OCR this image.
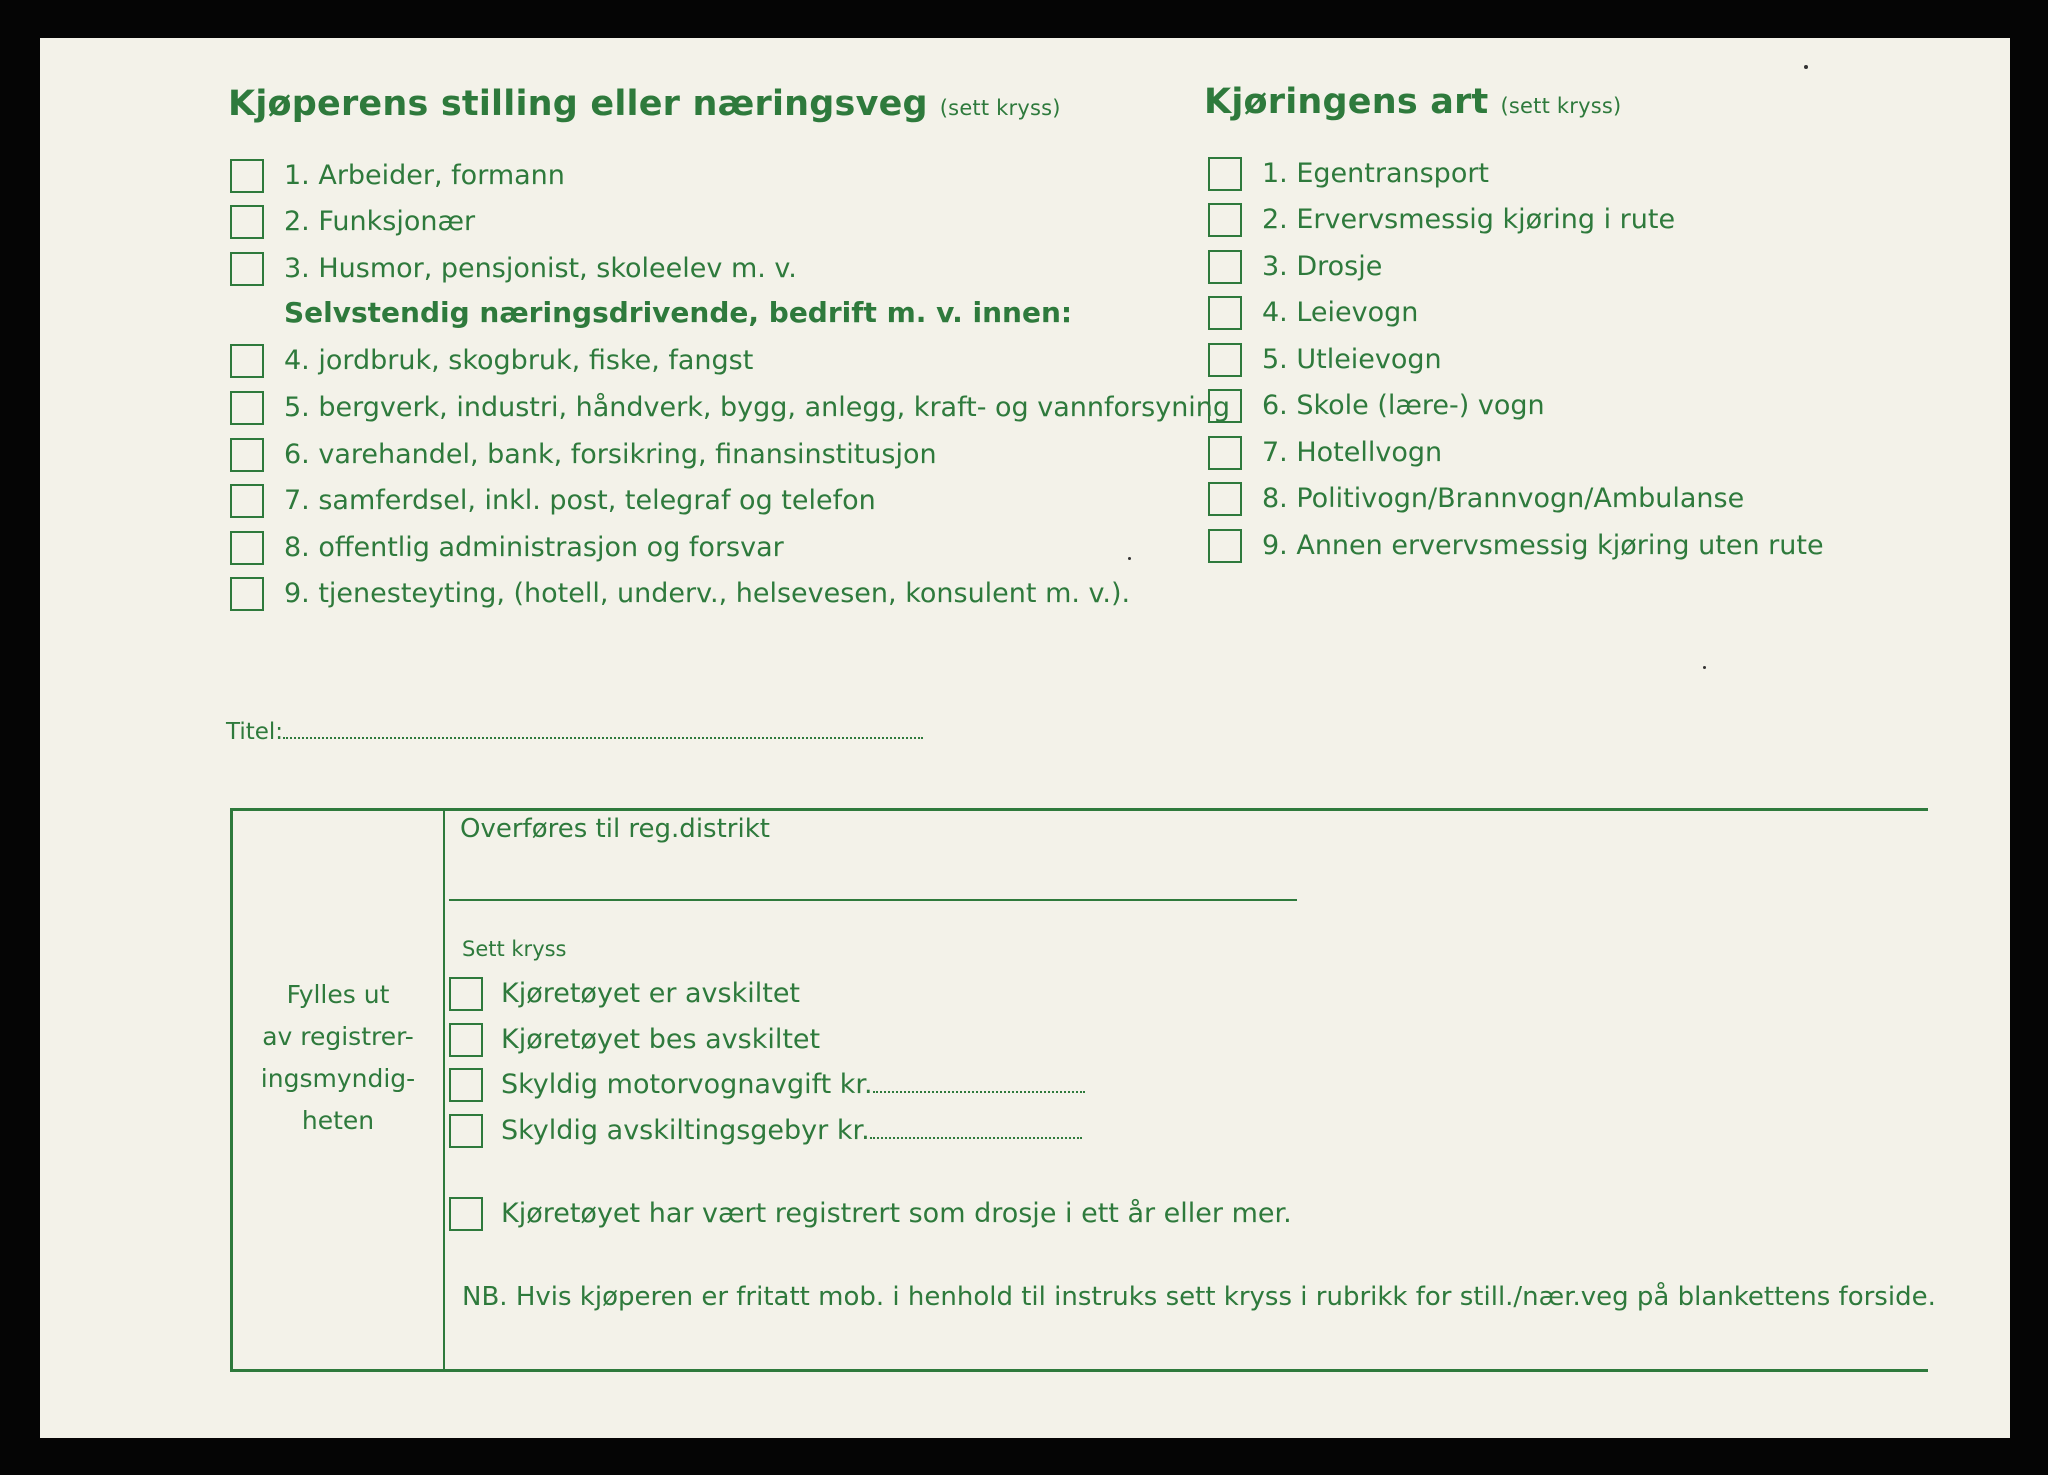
Kjøperens stilling eller næringsveg (sett kryss)
1. Arbeider, formann
2. Funksjonær
3. Husmor, pensjonist, skoleelev m. v.
Selvstendig næringsdrivende, bedrift m. v. innen:
4. jordbruk, skogbruk, fiske, fangst
5. bergverk, industri, håndverk, bygg, anlegg, kraft- og vannforsyning
6. varehandel, bank, forsikring, finansinstitusjon
7. samferdsel, inkl. post, telegraf og telefon
8. offentlig administrasjon og forsvar
9. tjenesteyting, (hotell, underv., helsevesen, konsulent m. v.).
Kjøringens art (sett kryss)
1. Egentransport
2. Ervervsmessig kjøring i rute
3. Drosje
4. Leievogn
5. Utleievogn
6. Skole (lære-) vogn
7. Hotellvogn
8. Politivogn/Brannvogn/Ambulanse
9. Annen ervervsmessig kjøring uten rute
Titel:
Fylles ut
av registrer-
ingsmyndig-
heten
Overføres til reg.distrikt
Sett kryss
Kjøretøyet er avskiltet
Kjøretøyet bes avskiltet
Skyldig motorvognavgift kr.
Skyldig avskiltingsgebyr kr.
Kjøretøyet har vært registrert som drosje i ett år eller mer.
NB. Hvis kjøperen er fritatt mob. i henhold til instruks sett kryss i rubrikk for still./nær.veg på blankettens forside.
